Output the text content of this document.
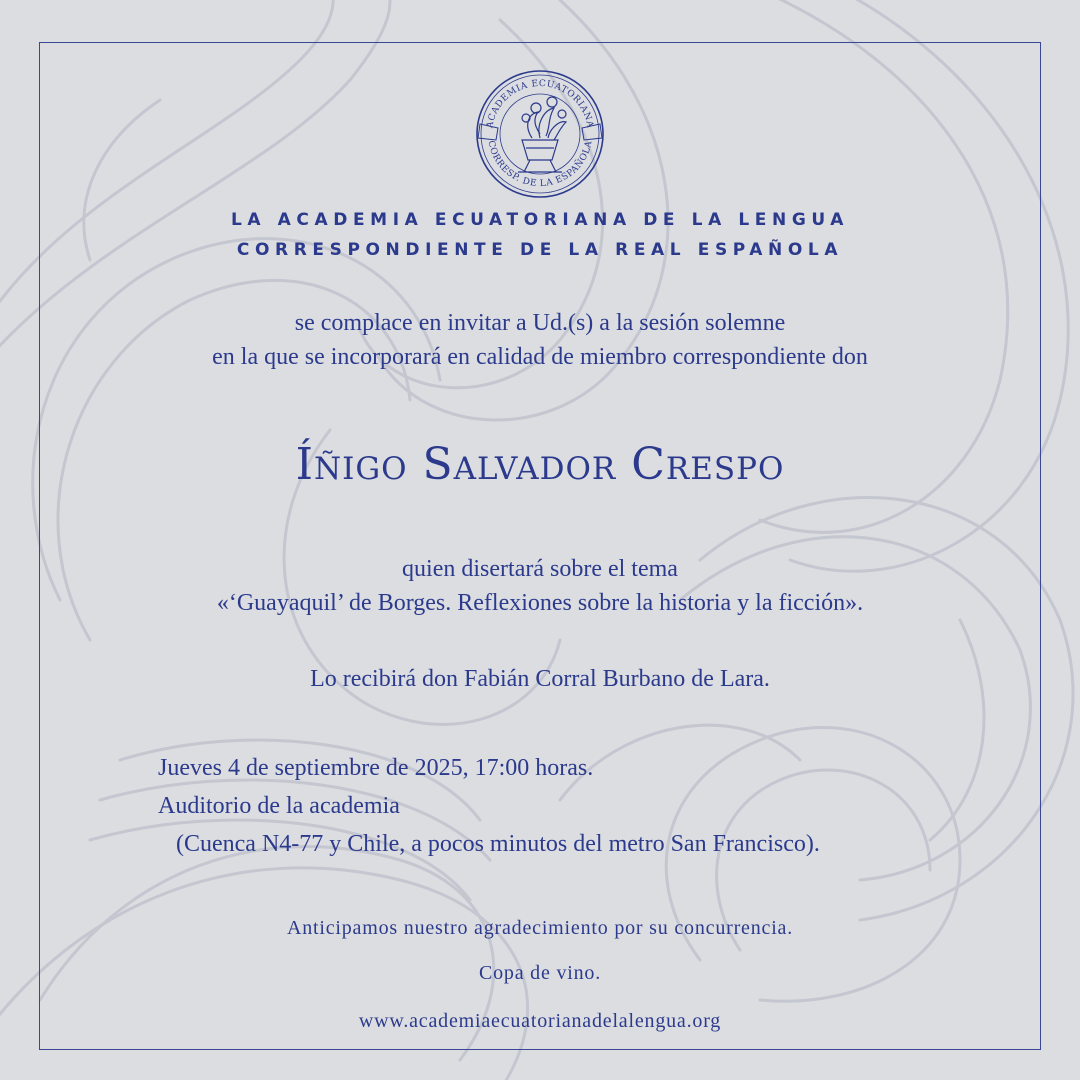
ACADEMIA ECUATORIANA
CORRESP. DE LA ESPAÑOLA
LA ACADEMIA ECUATORIANA DE LA LENGUA
CORRESPONDIENTE DE LA REAL ESPAÑOLA
se complace en invitar a Ud.(s) a la sesión solemne
en la que se incorporará en calidad de miembro correspondiente don
Íñigo Salvador Crespo
quien disertará sobre el tema
«‘Guayaquil’ de Borges. Reflexiones sobre la historia y la ficción».
Lo recibirá don Fabián Corral Burbano de Lara.
Jueves 4 de septiembre de 2025, 17:00 horas.
Auditorio de la academia
(Cuenca N4-77 y Chile, a pocos minutos del metro San Francisco).
Anticipamos nuestro agradecimiento por su concurrencia.
Copa de vino.
www.academiaecuatorianadelalengua.org
